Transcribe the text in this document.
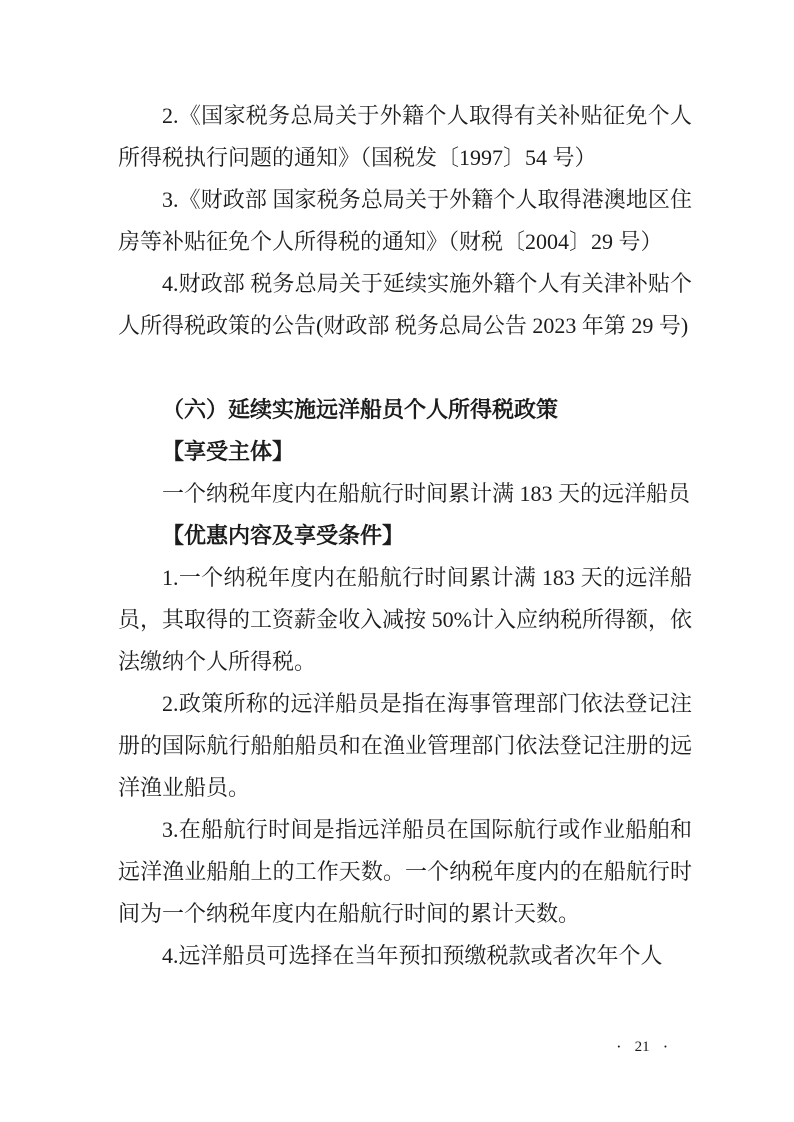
2.《国家税务总局关于外籍个人取得有关补贴征免个人所得税执行问题的通知》（国税发〔1997〕54 号）

3.《财政部 国家税务总局关于外籍个人取得港澳地区住房等补贴征免个人所得税的通知》（财税〔2004〕29 号）

4.财政部 税务总局关于延续实施外籍个人有关津补贴个人所得税政策的公告(财政部 税务总局公告 2023 年第 29 号)

（六）延续实施远洋船员个人所得税政策

【享受主体】

一个纳税年度内在船航行时间累计满 183 天的远洋船员

【优惠内容及享受条件】

1.一个纳税年度内在船航行时间累计满 183 天的远洋船员，其取得的工资薪金收入减按 50%计入应纳税所得额，依法缴纳个人所得税。

2.政策所称的远洋船员是指在海事管理部门依法登记注册的国际航行船舶船员和在渔业管理部门依法登记注册的远洋渔业船员。

3.在船航行时间是指远洋船员在国际航行或作业船舶和远洋渔业船舶上的工作天数。一个纳税年度内的在船航行时间为一个纳税年度内在船航行时间的累计天数。

4.远洋船员可选择在当年预扣预缴税款或者次年个人

· 21 ·
